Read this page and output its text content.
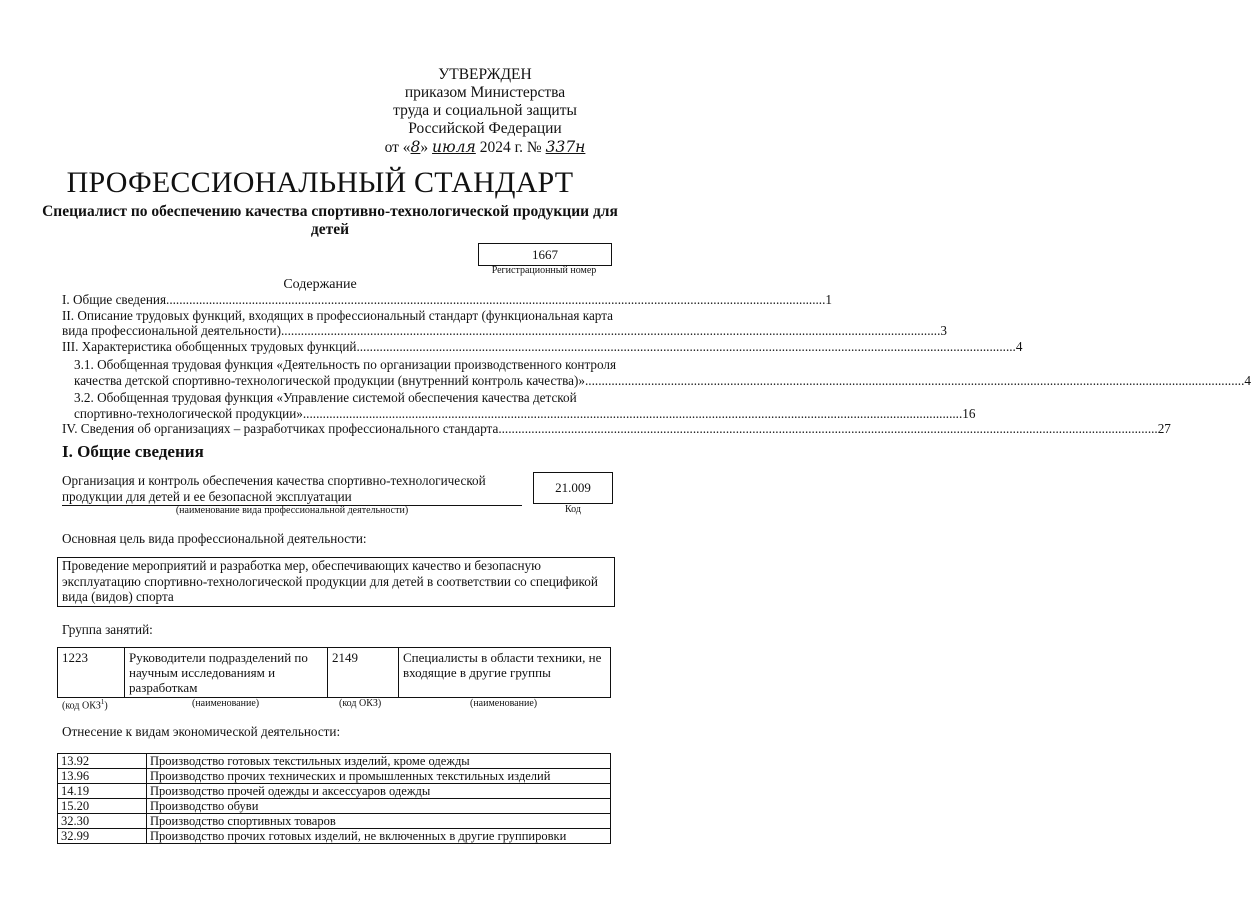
УТВЕРЖДЕН
приказом Министерства
труда и социальной защиты
Российской Федерации
от «8» июля 2024 г. № 337н
ПРОФЕССИОНАЛЬНЫЙ СТАНДАРТ
Специалист по обеспечению качества спортивно-технологической продукции для детей
1667
Регистрационный номер
Содержание
I. Общие сведения ........................................................................................................................................................................................................ 1
II. Описание трудовых функций, входящих в профессиональный стандарт (функциональная карта
вида профессиональной деятельности) ........................................................................................................................................................................................................ 3
III. Характеристика обобщенных трудовых функций ........................................................................................................................................................................................................ 4
3.1. Обобщенная трудовая функция «Деятельность по организации производственного контроля
качества детской спортивно-технологической продукции (внутренний контроль качества)» ........................................................................................................................................................................................................ 4
3.2. Обобщенная трудовая функция «Управление системой обеспечения качества детской
спортивно-технологической продукции» ........................................................................................................................................................................................................ 16
IV. Сведения об организациях – разработчиках профессионального стандарта ........................................................................................................................................................................................................ 27
I. Общие сведения
Организация и контроль обеспечения качества спортивно-технологической
продукции для детей и ее безопасной эксплуатации
(наименование вида профессиональной деятельности)
21.009
Код
Основная цель вида профессиональной деятельности:
Проведение мероприятий и разработка мер, обеспечивающих качество и безопасную
эксплуатацию спортивно-технологической продукции для детей в соответствии со спецификой
вида (видов) спорта
Группа занятий:
1223	Руководители подразделений по научным исследованиям и разработкам	2149	Специалисты в области техники, не входящие в другие группы
(код ОКЗ$^1$)	(наименование)	(код ОКЗ)	(наименование)
Отнесение к видам экономической деятельности:
13.92	Производство готовых текстильных изделий, кроме одежды
13.96	Производство прочих технических и промышленных текстильных изделий
14.19	Производство прочей одежды и аксессуаров одежды
15.20	Производство обуви
32.30	Производство спортивных товаров
32.99	Производство прочих готовых изделий, не включенных в другие группировки
